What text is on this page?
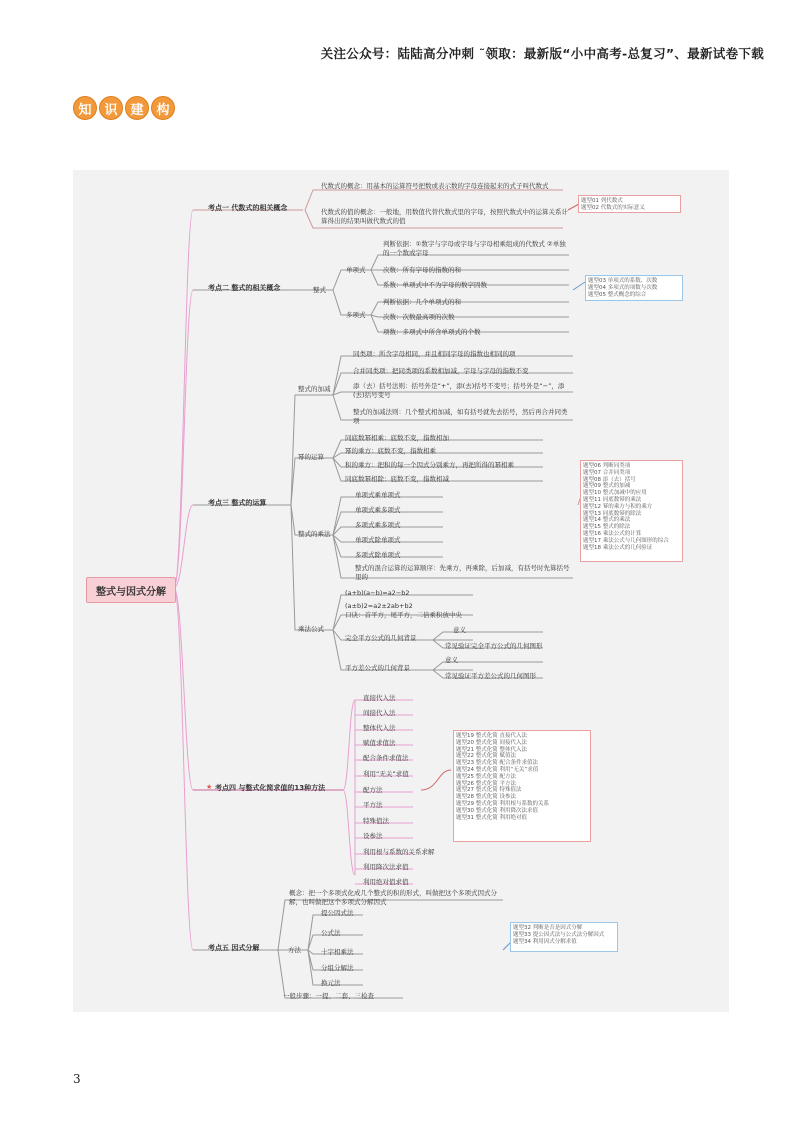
关注公众号：陆陆高分冲刺 ˜领取：最新版“小中高考-总复习”、最新试卷下载
知 识 建 构
整式与因式分解
考点一 代数式的相关概念
代数式的概念：用基本的运算符号把数或表示数的字母连接起来的式子叫代数式
代数式的值的概念：一般地，用数值代替代数式里的字母，按照代数式中的运算关系计算得出的结果叫做代数式的值
题型01 列代数式
题型02 代数式的实际意义
考点二 整式的相关概念	整式
单项式
多项式
判断依据：①数字与字母或字母与字母相乘组成的代数式 ②单独的一个数或字母
次数：所有字母的指数的和
系数：单项式中不为字母的数字因数
判断依据：几个单项式的和
次数：次数最高项的次数
项数：多项式中所含单项式的个数
题型03 单项式的系数、次数
题型04 多项式的项数与次数
题型05 整式概念的综合
考点三 整式的运算
整式的加减
幂的运算
整式的乘法
乘法公式
同类项：所含字母相同，并且相同字母的指数也相同的项
合并同类项：把同类项的系数相加减，字母与字母的指数不变
添（去）括号法则：括号外是“+”，添(去)括号不变号；括号外是“−”，添(去)括号变号
整式的加减法则：几个整式相加减，如有括号就先去括号，然后再合并同类项
同底数幂相乘：底数不变，指数相加
幂的乘方：底数不变，指数相乘
积的乘方：把积的每一个因式分别乘方，再把所得的幂相乘
同底数幂相除：底数不变，指数相减
单项式乘单项式
单项式乘多项式
多项式乘多项式
单项式除单项式
多项式除单项式
整式的混合运算的运算顺序：先乘方，再乘除，后加减，有括号时先算括号里的
(a+b)(a−b)=a2−b2
(a±b)2=a2±2ab+b2
口诀：首平方，尾平方，二倍乘积放中央
完全平方公式的几何背景
意义
常见验证完全平方公式的几何图形
平方差公式的几何背景
意义
常见验证平方差公式的几何图形
题型06 判断同类项
题型07 合并同类项
题型08 添（去）括号
题型09 整式的加减
题型10 整式加减中的应用
题型11 同底数幂的乘法
题型12 幂的乘方与积的乘方
题型13 同底数幂的除法
题型14 整式的乘法
题型15 整式的除法
题型16 乘法公式的计算
题型17 乘法公式与几何图形的综合
题型18 乘法公式的几何验证
★ 考点四 与整式化简求值的13种方法
直接代入法
间接代入法
整体代入法
赋值求值法
配合条件求值法
利用“无关”求值
配方法
平方法
特殊值法
设参法
利用根与系数的关系求解
利用降次法求值
利用绝对值求值
题型19 整式化简 直接代入法
题型20 整式化简 间接代入法
题型21 整式化简 整体代入法
题型22 整式化简 赋值法
题型23 整式化简 配合条件求值法
题型24 整式化简 利用“无关”求值
题型25 整式化简 配方法
题型26 整式化简 平方法
题型27 整式化简 特殊值法
题型28 整式化简 设参法
题型29 整式化简 利用根与系数的关系
题型30 整式化简 利用降次法求值
题型31 整式化简 利用绝对值
考点五 因式分解
概念：把一个多项式化成几个整式的积的形式，叫做把这个多项式因式分解，也叫做把这个多项式分解因式
方法
提公因式法
公式法
十字相乘法
分组分解法
换元法
一般步骤：一提、二套、三检查
题型32 判断是否是因式分解
题型33 提公因式法与公式法分解因式
题型34 利用因式分解求值
3
